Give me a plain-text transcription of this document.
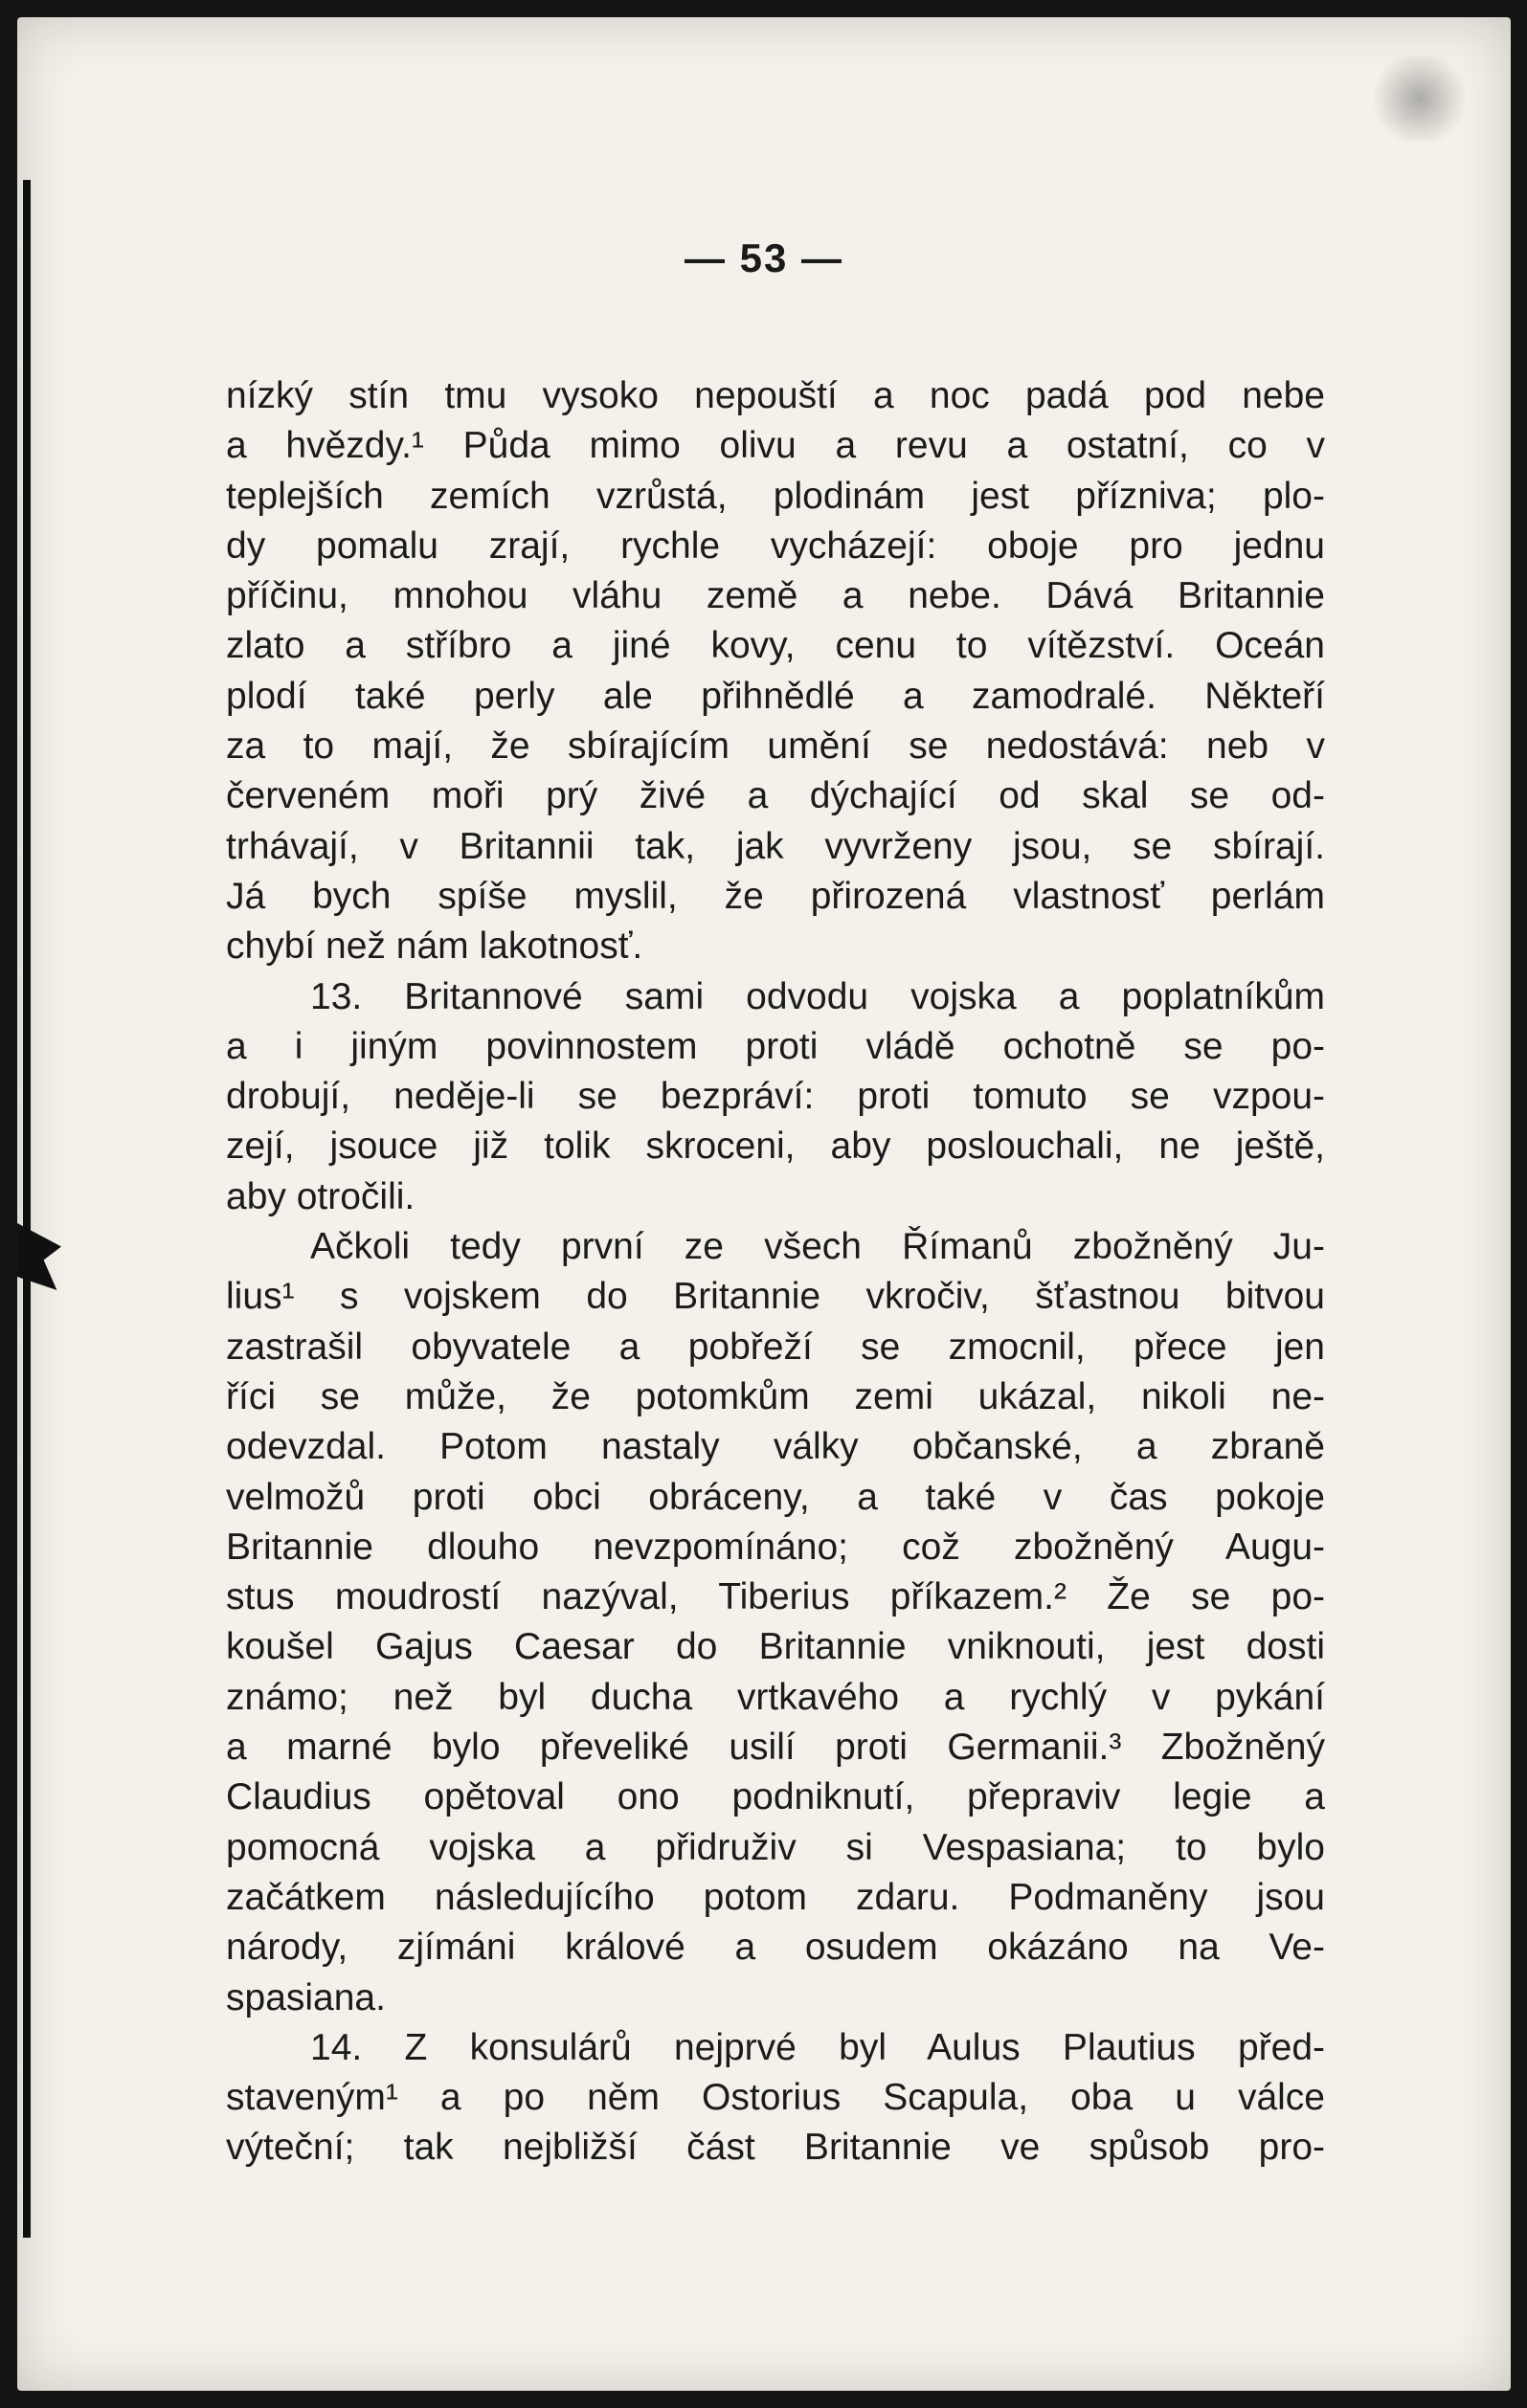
— 53 —
nízký stín tmu vysoko nepouští a noc padá pod nebe
a hvězdy.¹ Půda mimo olivu a revu a ostatní, co v
teplejších zemích vzrůstá, plodinám jest přízniva; plo-
dy pomalu zrají, rychle vycházejí: oboje pro jednu
příčinu, mnohou vláhu země a nebe. Dává Britannie
zlato a stříbro a jiné kovy, cenu to vítězství. Oceán
plodí také perly ale přihnědlé a zamodralé. Někteří
za to mají, že sbírajícím umění se nedostává: neb v
červeném moři prý živé a dýchající od skal se od-
trhávají, v Britannii tak, jak vyvrženy jsou, se sbírají.
Já bych spíše myslil, že přirozená vlastnosť perlám
chybí než nám lakotnosť.
13. Britannové sami odvodu vojska a poplatníkům
a i jiným povinnostem proti vládě ochotně se po-
drobují, neděje-li se bezpráví: proti tomuto se vzpou-
zejí, jsouce již tolik skroceni, aby poslouchali, ne ještě,
aby otročili.
Ačkoli tedy první ze všech Římanů zbožněný Ju-
lius¹ s vojskem do Britannie vkročiv, šťastnou bitvou
zastrašil obyvatele a pobřeží se zmocnil, přece jen
říci se může, že potomkům zemi ukázal, nikoli ne-
odevzdal. Potom nastaly války občanské, a zbraně
velmožů proti obci obráceny, a také v čas pokoje
Britannie dlouho nevzpomínáno; což zbožněný Augu-
stus moudrostí nazýval, Tiberius příkazem.² Že se po-
koušel Gajus Caesar do Britannie vniknouti, jest dosti
známo; než byl ducha vrtkavého a rychlý v pykání
a marné bylo převeliké usilí proti Germanii.³ Zbožněný
Claudius opětoval ono podniknutí, přepraviv legie a
pomocná vojska a přidruživ si Vespasiana; to bylo
začátkem následujícího potom zdaru. Podmaněny jsou
národy, zjímáni králové a osudem okázáno na Ve-
spasiana.
14. Z konsulárů nejprvé byl Aulus Plautius před-
staveným¹ a po něm Ostorius Scapula, oba u válce
výteční; tak nejbližší část Britannie ve spůsob pro-
